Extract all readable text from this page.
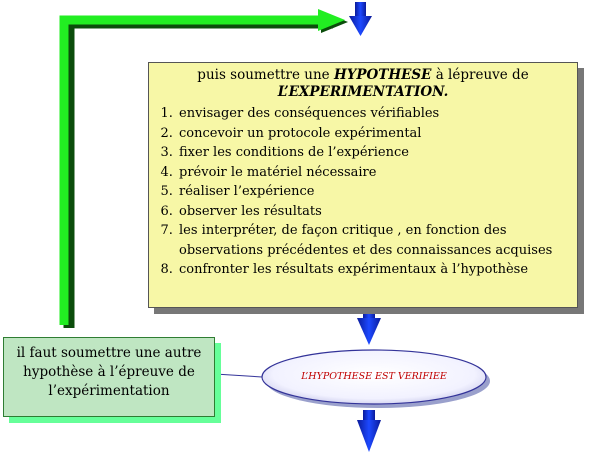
puis soumettre une HYPOTHESE à lépreuve de
L’EXPERIMENTATION.
1. envisager des conséquences vérifiables
2. concevoir un protocole expérimental
3. fixer les conditions de l’expérience
4. prévoir le matériel nécessaire
5. réaliser l’expérience
6. observer les résultats
7. les interpréter, de façon critique , en fonction des observations précédentes et des connaissances acquises
8. confronter les résultats expérimentaux à l’hypothèse
il faut soumettre une autre hypothèse à l’épreuve de l’expérimentation
L’HYPOTHESE EST VERIFIEE
